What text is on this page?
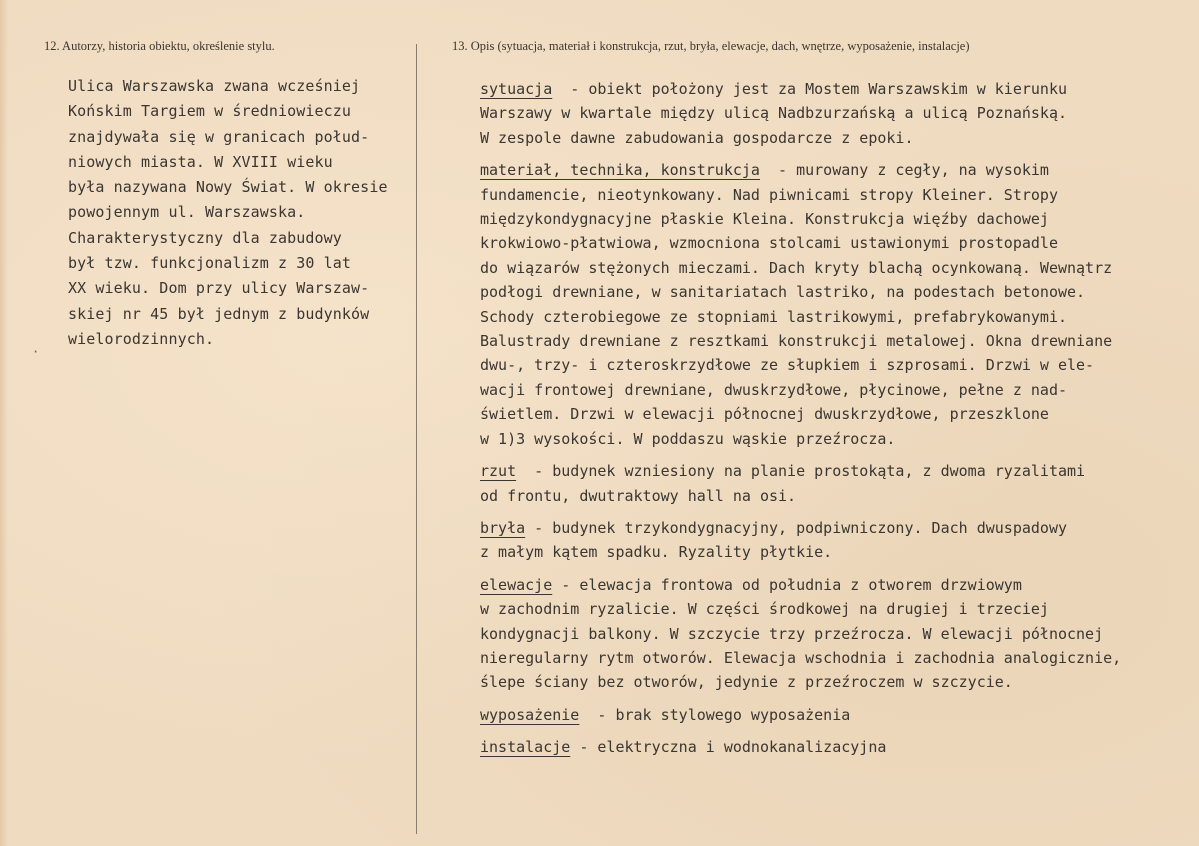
12. Autorzy, historia obiektu, określenie stylu.	13. Opis (sytuacja, materiał i konstrukcja, rzut, bryła, elewacje, dach, wnętrze, wyposażenie, instalacje)
Ulica Warszawska zwana wcześniej
Końskim Targiem w średniowieczu
znajdywała się w granicach połud-
niowych miasta. W XVIII wieku
była nazywana Nowy Świat. W okresie
powojennym ul. Warszawska.
Charakterystyczny dla zabudowy
był tzw. funkcjonalizm z 30 lat
XX wieku. Dom przy ulicy Warszaw-
skiej nr 45 był jednym z budynków
wielorodzinnych.
sytuacja  - obiekt położony jest za Mostem Warszawskim w kierunku
Warszawy w kwartale między ulicą Nadbzurzańską a ulicą Poznańską.
W zespole dawne zabudowania gospodarcze z epoki.
materiał, technika, konstrukcja  - murowany z cegły, na wysokim
fundamencie, nieotynkowany. Nad piwnicami stropy Kleiner. Stropy
międzykondygnacyjne płaskie Kleina. Konstrukcja więźby dachowej
krokwiowo-płatwiowa, wzmocniona stolcami ustawionymi prostopadle
do wiązarów stężonych mieczami. Dach kryty blachą ocynkowaną. Wewnątrz
podłogi drewniane, w sanitariatach lastriko, na podestach betonowe.
Schody czterobiegowe ze stopniami lastrikowymi, prefabrykowanymi.
Balustrady drewniane z resztkami konstrukcji metalowej. Okna drewniane
dwu-, trzy- i czteroskrzydłowe ze słupkiem i szprosami. Drzwi w ele-
wacji frontowej drewniane, dwuskrzydłowe, płycinowe, pełne z nad-
świetlem. Drzwi w elewacji północnej dwuskrzydłowe, przeszklone
w 1)3 wysokości. W poddaszu wąskie przeźrocza.
rzut  - budynek wzniesiony na planie prostokąta, z dwoma ryzalitami
od frontu, dwutraktowy hall na osi.
bryła - budynek trzykondygnacyjny, podpiwniczony. Dach dwuspadowy
z małym kątem spadku. Ryzality płytkie.
elewacje - elewacja frontowa od południa z otworem drzwiowym
w zachodnim ryzalicie. W części środkowej na drugiej i trzeciej
kondygnacji balkony. W szczycie trzy przeźrocza. W elewacji północnej
nieregularny rytm otworów. Elewacja wschodnia i zachodnia analogicznie,
ślepe ściany bez otworów, jedynie z przeźroczem w szczycie.
wyposażenie  - brak stylowego wyposażenia
instalacje - elektryczna i wodnokanalizacyjna
·
